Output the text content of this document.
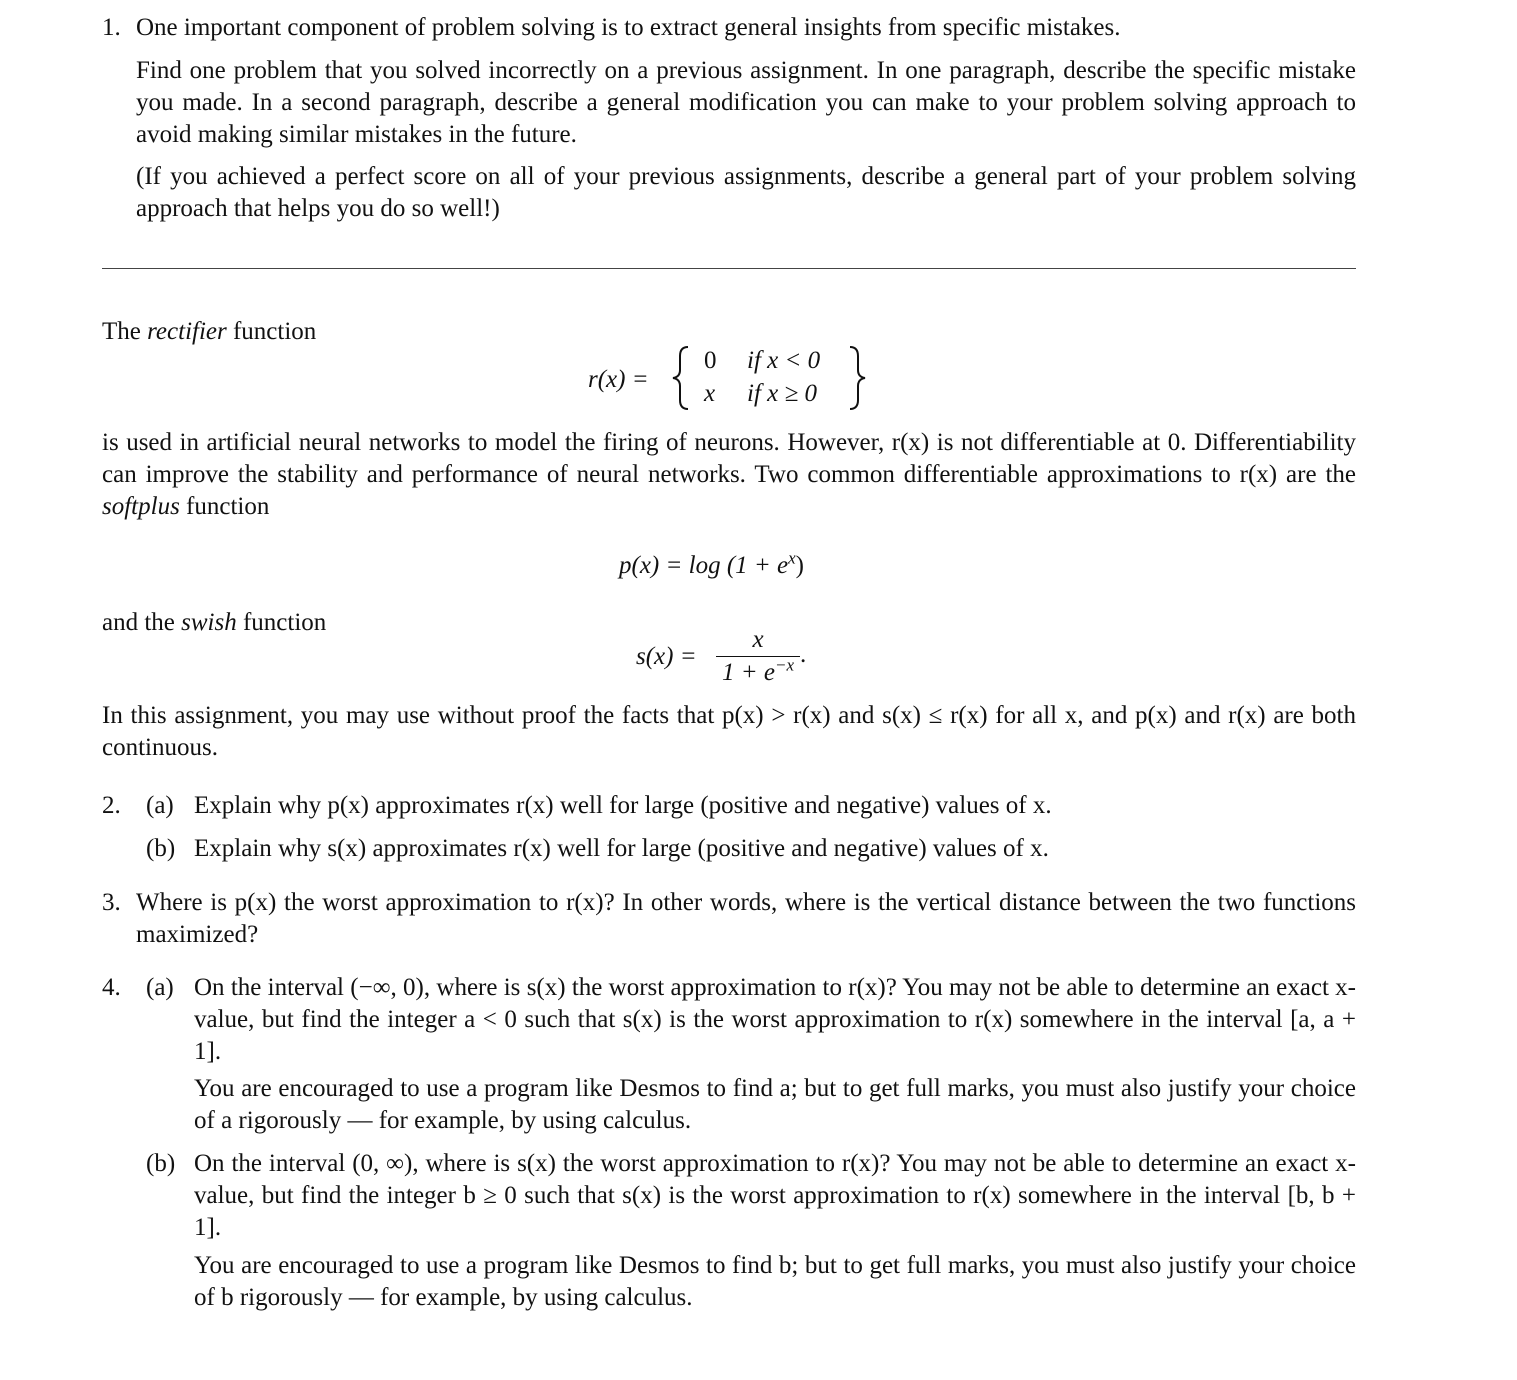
1. One important component of problem solving is to extract general insights from specific mistakes.
Find one problem that you solved incorrectly on a previous assignment. In one paragraph, describe the specific mistake you made. In a second paragraph, describe a general modification you can make to your problem solving approach to avoid making similar mistakes in the future.
(If you achieved a perfect score on all of your previous assignments, describe a general part of your problem solving approach that helps you do so well!)
The rectifier function
r(x) =
0 if x < 0
x if x ≥ 0
is used in artificial neural networks to model the firing of neurons. However, r(x) is not differentiable at 0. Differentiability can improve the stability and performance of neural networks. Two common differentiable approximations to r(x) are the softplus function
$p(x) = \log (1 + e^x)$
and the swish function
$s(x) = \frac{x}{1 + e^{-x}}$ .
In this assignment, you may use without proof the facts that p(x) > r(x) and s(x) ≤ r(x) for all x, and p(x) and r(x) are both continuous.
2. (a) Explain why p(x) approximates r(x) well for large (positive and negative) values of x.
(b) Explain why s(x) approximates r(x) well for large (positive and negative) values of x.
3. Where is p(x) the worst approximation to r(x)? In other words, where is the vertical distance between the two functions maximized?
4. (a) On the interval (−∞, 0), where is s(x) the worst approximation to r(x)? You may not be able to determine an exact x-value, but find the integer a < 0 such that s(x) is the worst approximation to r(x) somewhere in the interval [a, a + 1].
You are encouraged to use a program like Desmos to find a; but to get full marks, you must also justify your choice of a rigorously — for example, by using calculus.
(b) On the interval (0, ∞), where is s(x) the worst approximation to r(x)? You may not be able to determine an exact x-value, but find the integer b ≥ 0 such that s(x) is the worst approximation to r(x) somewhere in the interval [b, b + 1].
You are encouraged to use a program like Desmos to find b; but to get full marks, you must also justify your choice of b rigorously — for example, by using calculus.
